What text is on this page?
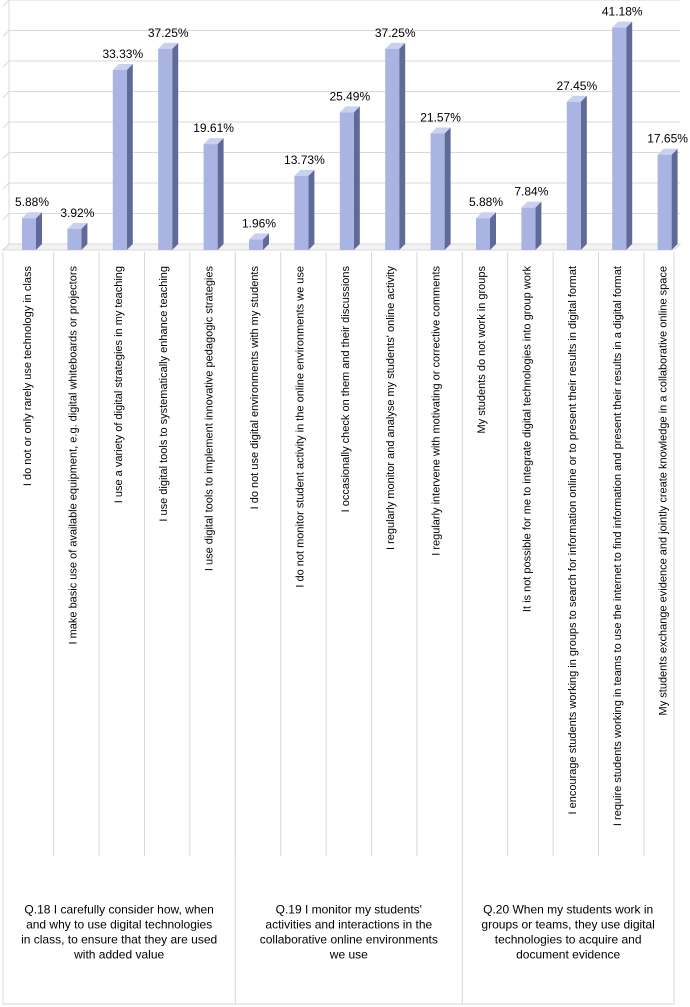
5.88%
3.92%
33.33%
37.25%
19.61%
1.96%
13.73%
25.49%
37.25%
21.57%
5.88%
7.84%
27.45%
41.18%
17.65%
I do not or only rarely use technology in class	I make basic use of available equipment, e.g. digital whiteboards or projectors	I use a variety of digital strategies in my teaching	I use digital tools to systematically enhance teaching	I use digital tools to implement innovative pedagogic strategies	I do not use digital environments with my students	I do not monitor student activity in the online environments we use	I occasionally check on them and their discussions	I regularly monitor and analyse my students' online activity	I regularly intervene with motivating or corrective comments	My students do not work in groups	It is not possible for me to integrate digital technologies into group work	I encourage students working in groups to search for information online or to present their results in digital format	I require students working in teams to use the internet to find information and present their results in a digital format	My students exchange evidence and jointly create knowledge in a collaborative online space
Q.18 I carefully consider how, when and why to use digital technologies in class, to ensure that they are used with added value
Q.19 I monitor my students' activities and interactions in the collaborative online environments we use
Q.20 When my students work in groups or teams, they use digital technologies to acquire and document evidence
